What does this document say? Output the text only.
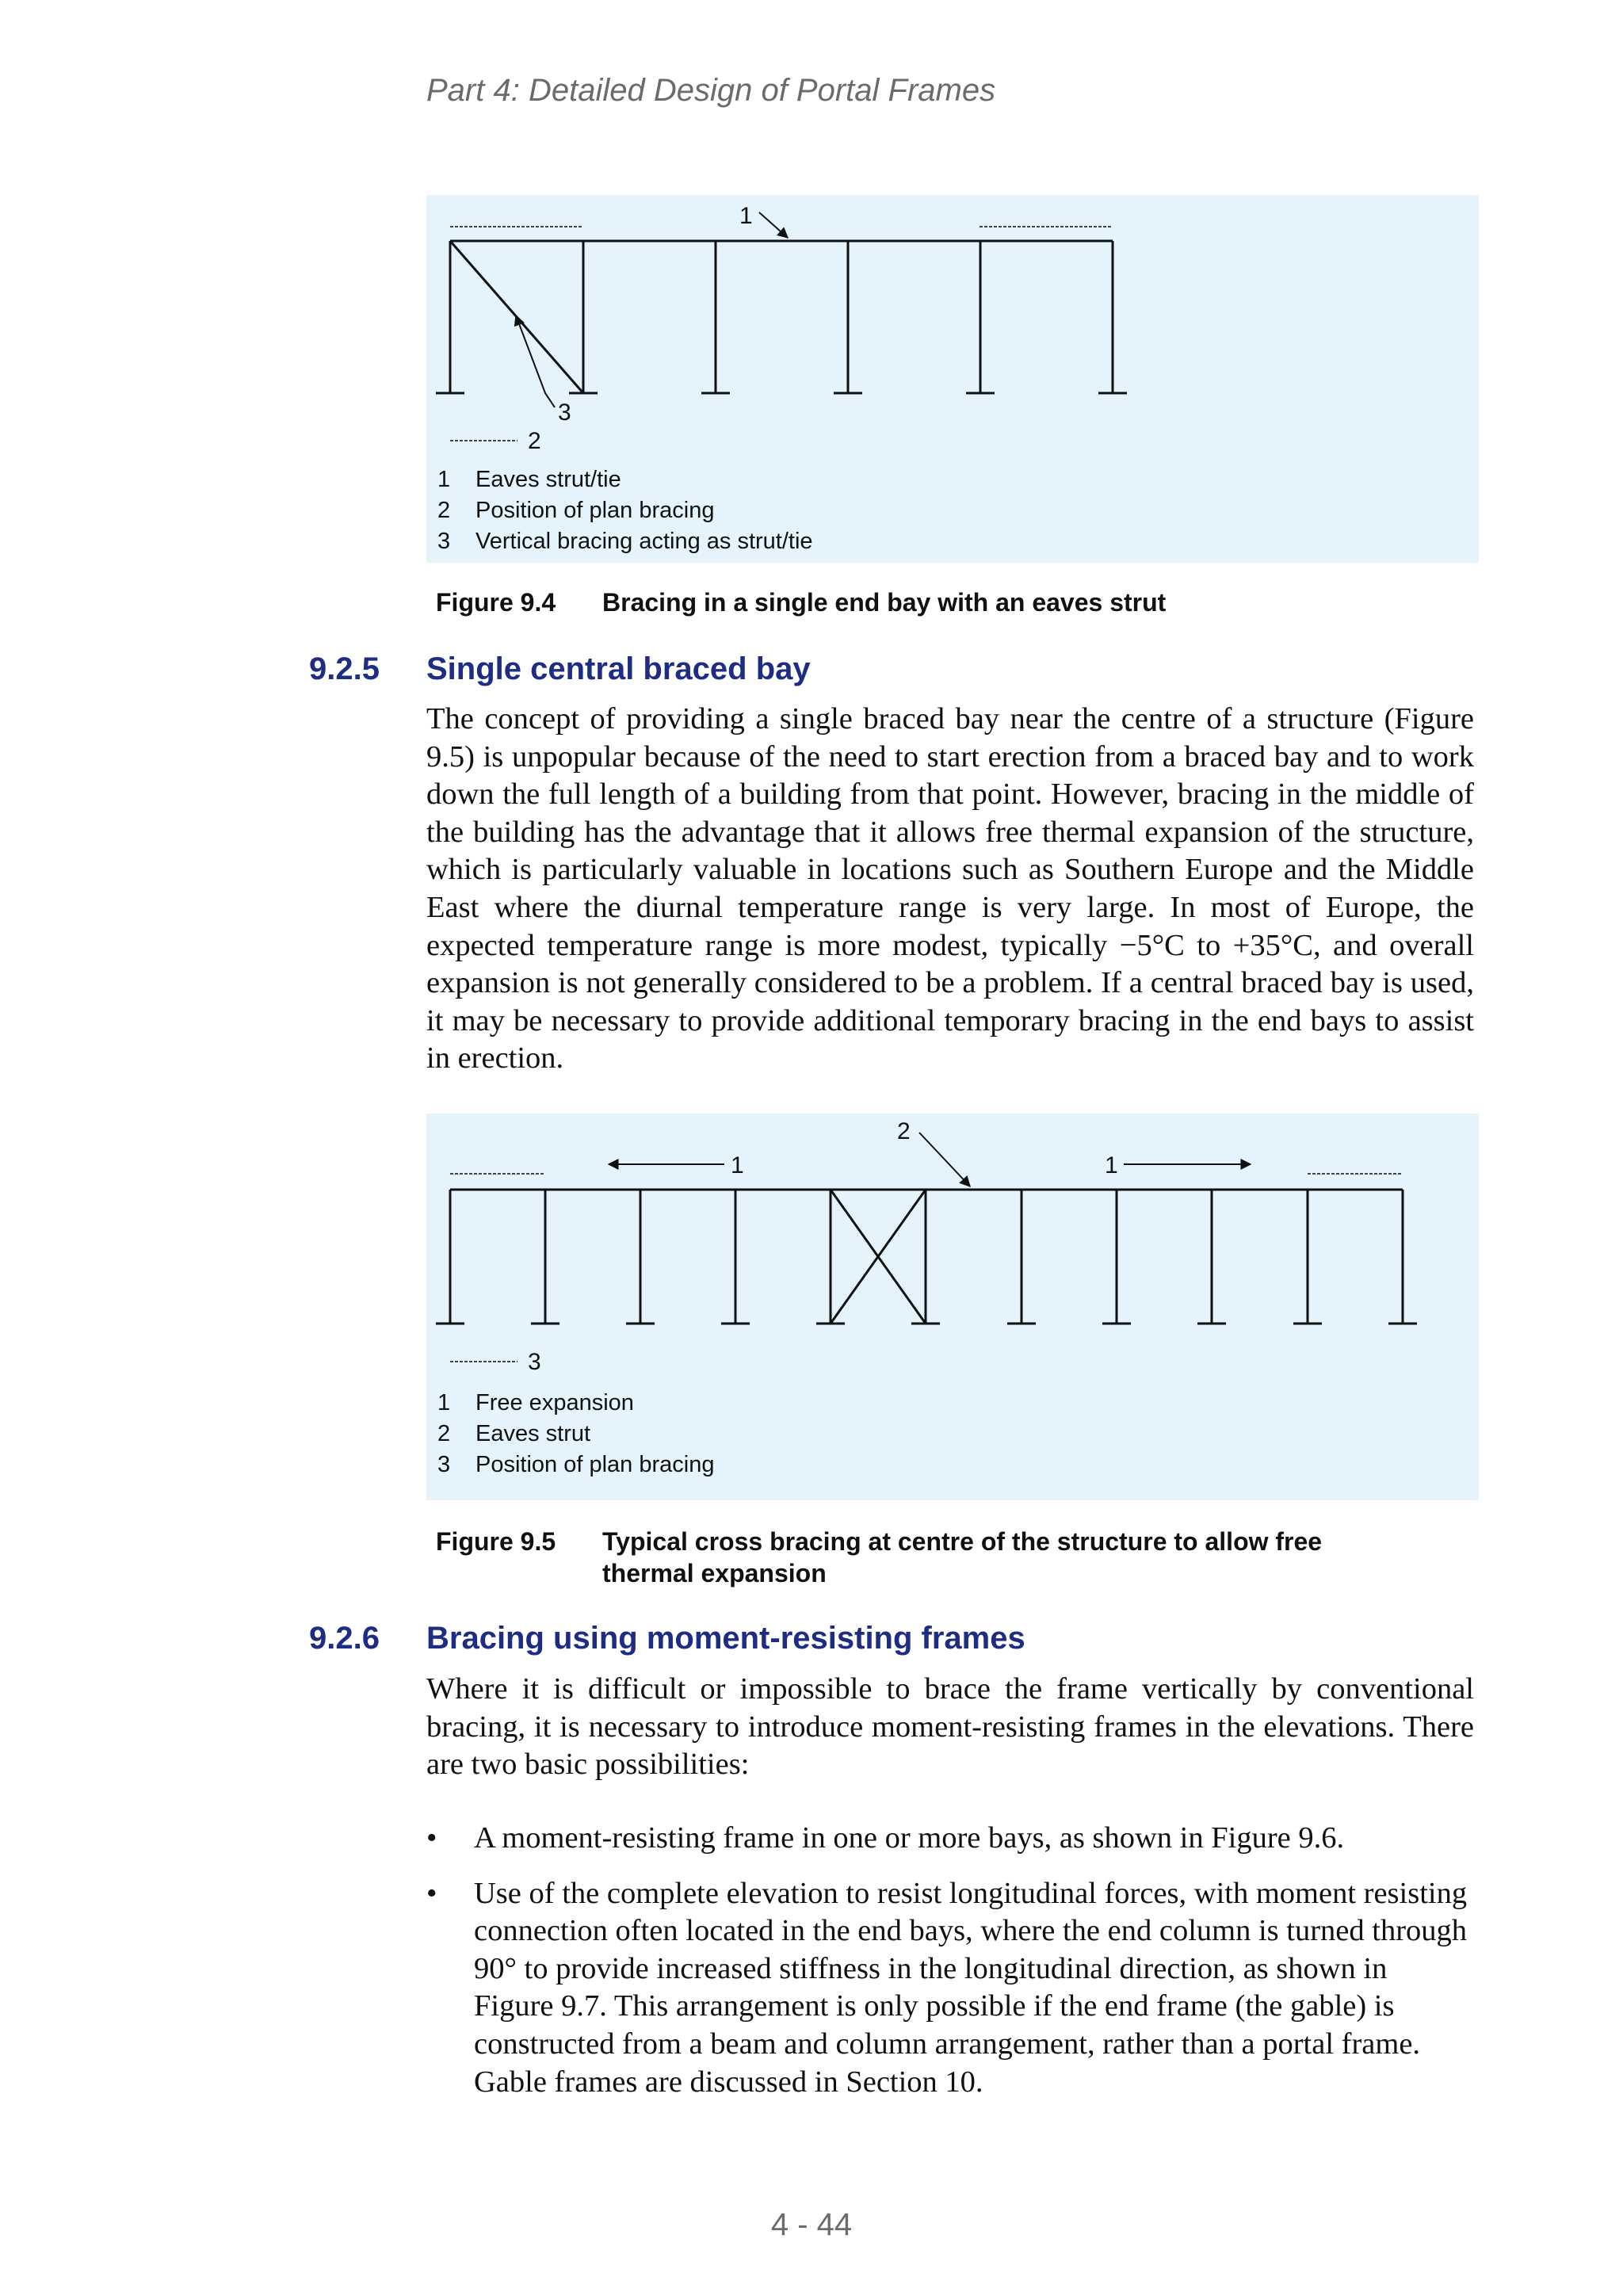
Part 4: Detailed Design of Portal Frames
1
2
3
1	Eaves strut/tie
2	Position of plan bracing
3	Vertical bracing acting as strut/tie
Figure 9.4	Bracing in a single end bay with an eaves strut
9.2.5 Single central braced bay
The concept of providing a single braced bay near the centre of a structure (Figure 9.5) is unpopular because of the need to start erection from a braced bay and to work down the full length of a building from that point. However, bracing in the middle of the building has the advantage that it allows free thermal expansion of the structure, which is particularly valuable in locations such as Southern Europe and the Middle East where the diurnal temperature range is very large. In most of Europe, the expected temperature range is more modest, typically −5°C to +35°C, and overall expansion is not generally considered to be a problem. If a central braced bay is used, it may be necessary to provide additional temporary bracing in the end bays to assist in erection.
1	1
2
3
1	Free expansion
2	Eaves strut
3	Position of plan bracing
Figure 9.5	Typical cross bracing at centre of the structure to allow free thermal expansion
9.2.6 Bracing using moment-resisting frames
Where it is difficult or impossible to brace the frame vertically by conventional bracing, it is necessary to introduce moment-resisting frames in the elevations. There are two basic possibilities:
•	A moment-resisting frame in one or more bays, as shown in Figure 9.6.
•	Use of the complete elevation to resist longitudinal forces, with moment resisting connection often located in the end bays, where the end column is turned through 90° to provide increased stiffness in the longitudinal direction, as shown in Figure 9.7. This arrangement is only possible if the end frame (the gable) is constructed from a beam and column arrangement, rather than a portal frame. Gable frames are discussed in Section 10.
4 - 44
